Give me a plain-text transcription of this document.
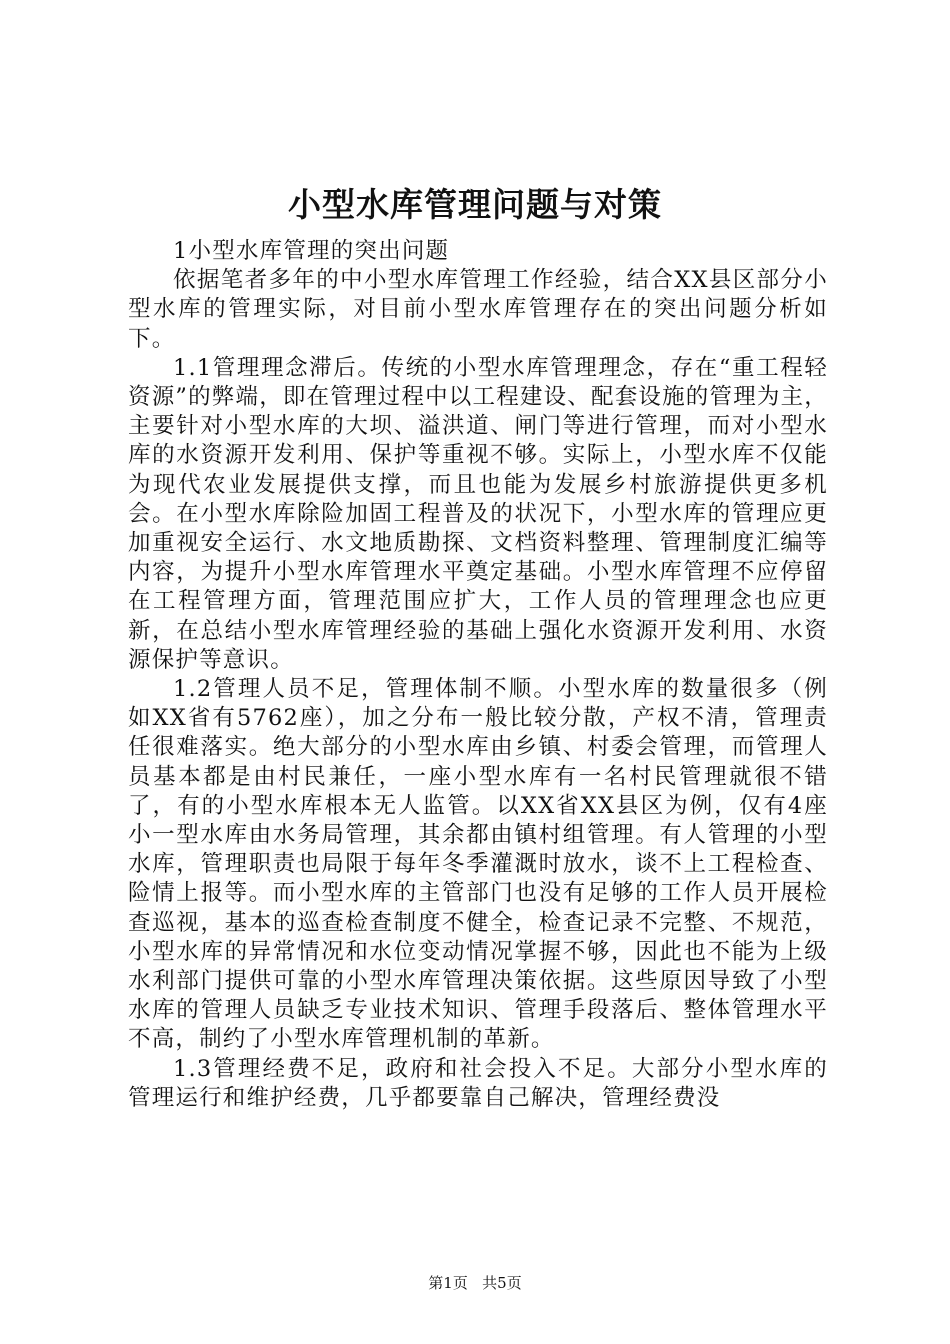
小型水库管理问题与对策

1小型水库管理的突出问题

依据笔者多年的中小型水库管理工作经验，结合XX县区部分小型水库的管理实际，对目前小型水库管理存在的突出问题分析如下。

1.1管理理念滞后。传统的小型水库管理理念，存在“重工程轻资源”的弊端，即在管理过程中以工程建设、配套设施的管理为主，主要针对小型水库的大坝、溢洪道、闸门等进行管理，而对小型水库的水资源开发利用、保护等重视不够。实际上，小型水库不仅能为现代农业发展提供支撑，而且也能为发展乡村旅游提供更多机会。在小型水库除险加固工程普及的状况下，小型水库的管理应更加重视安全运行、水文地质勘探、文档资料整理、管理制度汇编等内容，为提升小型水库管理水平奠定基础。小型水库管理不应停留在工程管理方面，管理范围应扩大，工作人员的管理理念也应更新，在总结小型水库管理经验的基础上强化水资源开发利用、水资源保护等意识。

1.2管理人员不足，管理体制不顺。小型水库的数量很多（例如XX省有5762座），加之分布一般比较分散，产权不清，管理责任很难落实。绝大部分的小型水库由乡镇、村委会管理，而管理人员基本都是由村民兼任，一座小型水库有一名村民管理就很不错了，有的小型水库根本无人监管。以XX省XX县区为例，仅有4座小一型水库由水务局管理，其余都由镇村组管理。有人管理的小型水库，管理职责也局限于每年冬季灌溉时放水，谈不上工程检查、险情上报等。而小型水库的主管部门也没有足够的工作人员开展检查巡视，基本的巡查检查制度不健全，检查记录不完整、不规范，小型水库的异常情况和水位变动情况掌握不够，因此也不能为上级水利部门提供可靠的小型水库管理决策依据。这些原因导致了小型水库的管理人员缺乏专业技术知识、管理手段落后、整体管理水平不高，制约了小型水库管理机制的革新。

1.3管理经费不足，政府和社会投入不足。大部分小型水库的管理运行和维护经费，几乎都要靠自己解决，管理经费没

第1页 共5页
